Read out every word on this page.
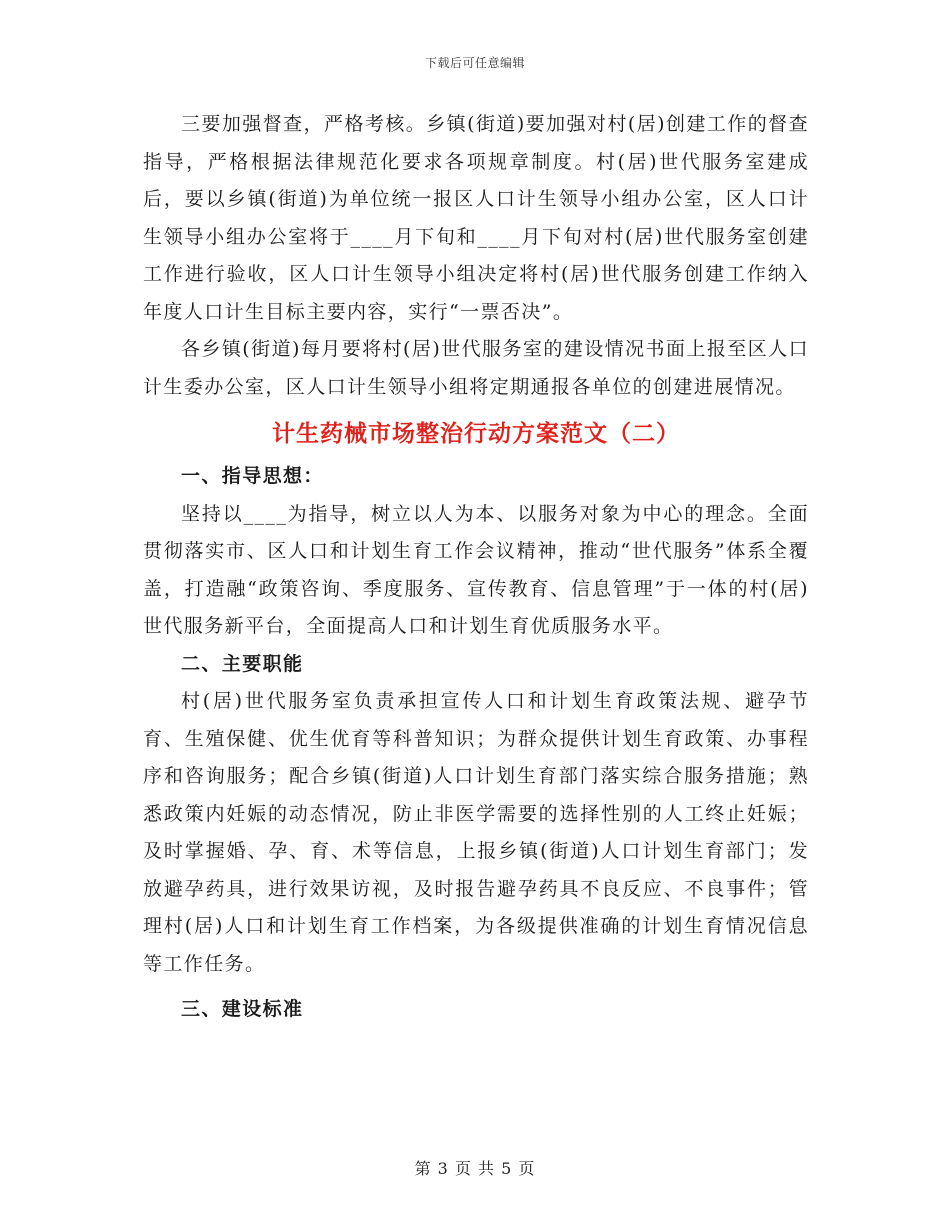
下载后可任意编辑

三要加强督查，严格考核。乡镇(街道)要加强对村(居)创建工作的督查指导，严格根据法律规范化要求各项规章制度。村(居)世代服务室建成后，要以乡镇(街道)为单位统一报区人口计生领导小组办公室，区人口计生领导小组办公室将于____月下旬和____月下旬对村(居)世代服务室创建工作进行验收，区人口计生领导小组决定将村(居)世代服务创建工作纳入年度人口计生目标主要内容，实行“一票否决”。

各乡镇(街道)每月要将村(居)世代服务室的建设情况书面上报至区人口计生委办公室，区人口计生领导小组将定期通报各单位的创建进展情况。

计生药械市场整治行动方案范文（二）

一、指导思想：

坚持以____为指导，树立以人为本、以服务对象为中心的理念。全面贯彻落实市、区人口和计划生育工作会议精神，推动“世代服务”体系全覆盖，打造融“政策咨询、季度服务、宣传教育、信息管理”于一体的村(居)世代服务新平台，全面提高人口和计划生育优质服务水平。

二、主要职能

村(居)世代服务室负责承担宣传人口和计划生育政策法规、避孕节育、生殖保健、优生优育等科普知识；为群众提供计划生育政策、办事程序和咨询服务；配合乡镇(街道)人口计划生育部门落实综合服务措施；熟悉政策内妊娠的动态情况，防止非医学需要的选择性别的人工终止妊娠；及时掌握婚、孕、育、术等信息，上报乡镇(街道)人口计划生育部门；发放避孕药具，进行效果访视，及时报告避孕药具不良反应、不良事件；管理村(居)人口和计划生育工作档案，为各级提供准确的计划生育情况信息等工作任务。

三、建设标准

第 3 页 共 5 页
